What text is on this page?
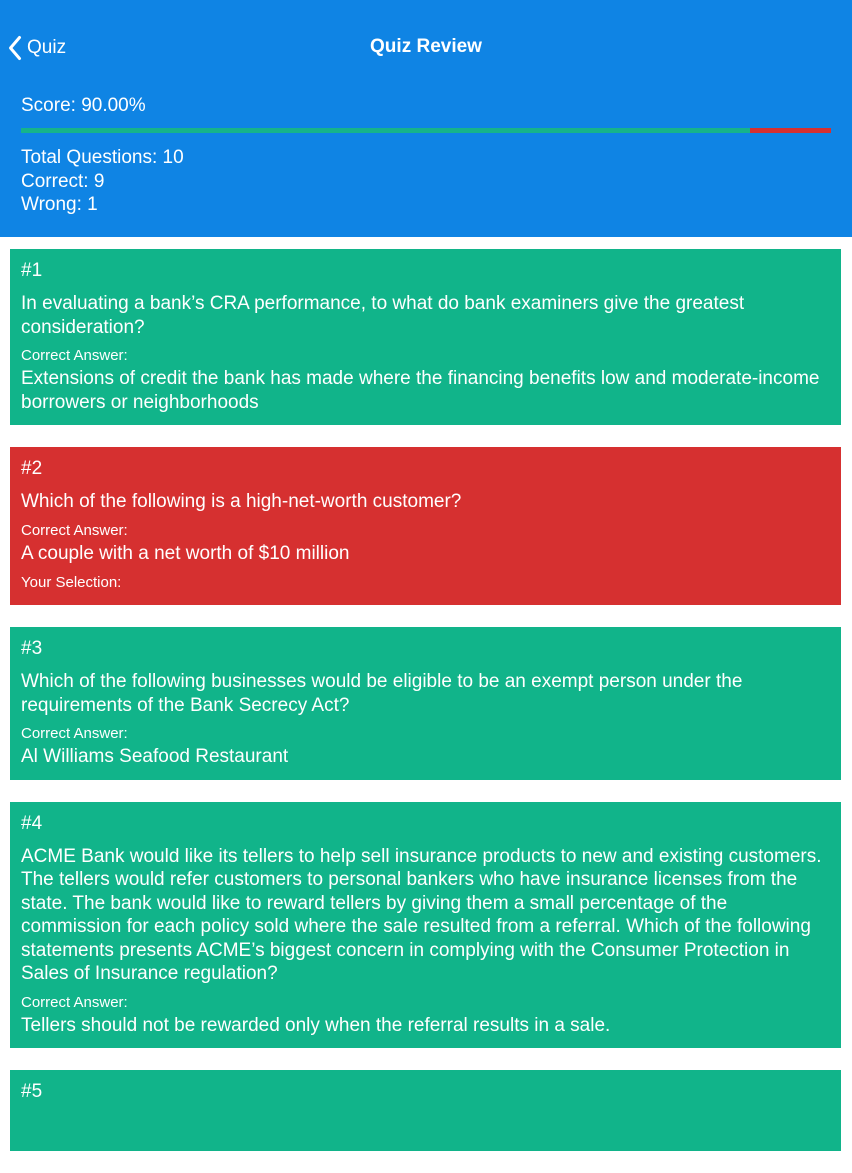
Quiz	Quiz Review
Score: 90.00%
Total Questions: 10
Correct: 9
Wrong: 1
#1
In evaluating a bank’s CRA performance, to what do bank examiners give the greatest consideration?
Correct Answer:
Extensions of credit the bank has made where the financing benefits low and moderate-income borrowers or neighborhoods
#2
Which of the following is a high-net-worth customer?
Correct Answer:
A couple with a net worth of $10 million
Your Selection:
#3
Which of the following businesses would be eligible to be an exempt person under the requirements of the Bank Secrecy Act?
Correct Answer:
Al Williams Seafood Restaurant
#4
ACME Bank would like its tellers to help sell insurance products to new and existing customers. The tellers would refer customers to personal bankers who have insurance licenses from the state. The bank would like to reward tellers by giving them a small percentage of the commission for each policy sold where the sale resulted from a referral. Which of the following statements presents ACME’s biggest concern in complying with the Consumer Protection in Sales of Insurance regulation?
Correct Answer:
Tellers should not be rewarded only when the referral results in a sale.
#5
